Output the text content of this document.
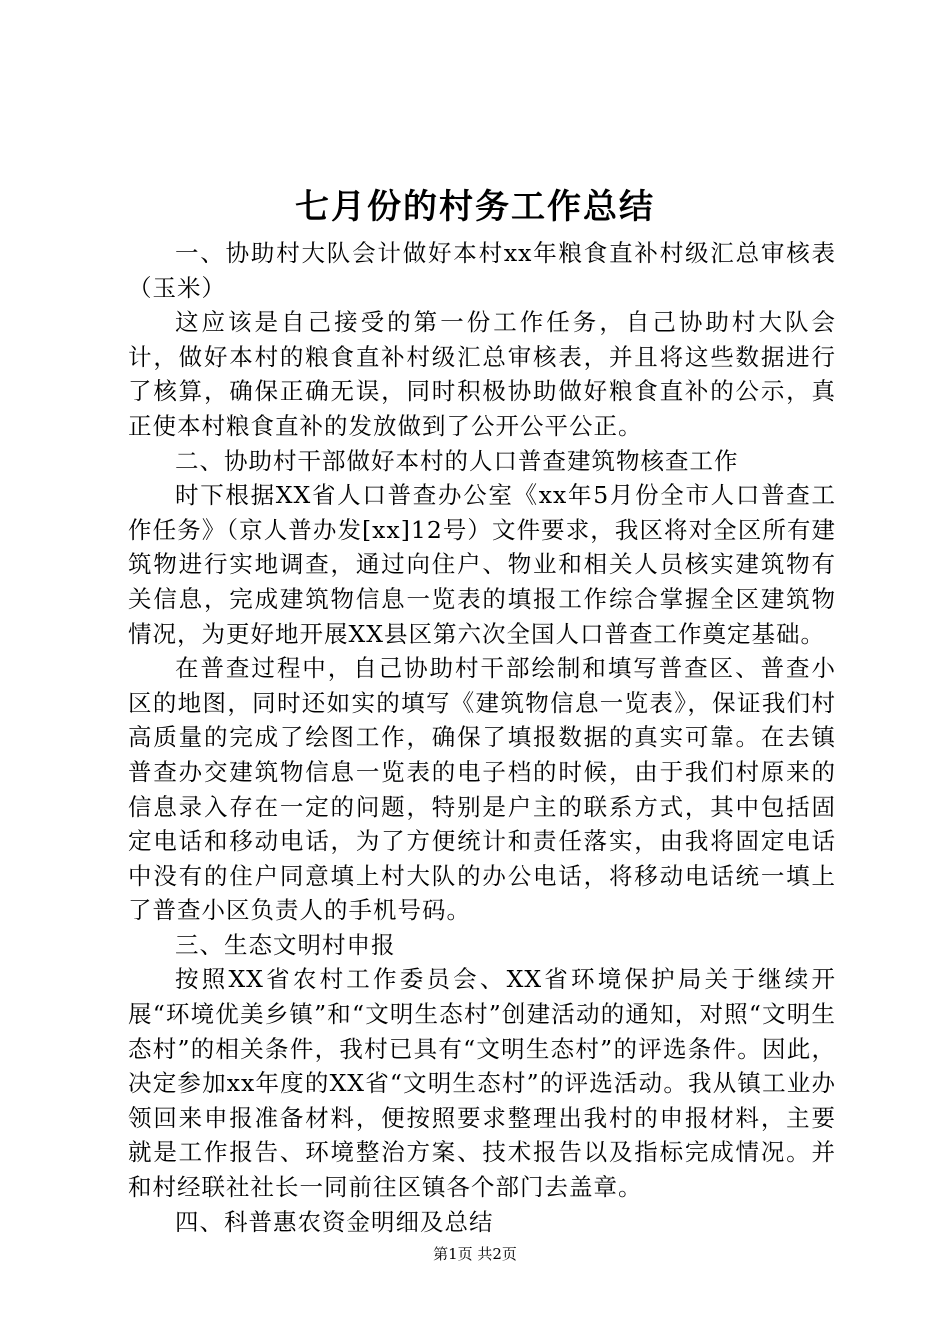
七月份的村务工作总结

一、协助村大队会计做好本村xx年粮食直补村级汇总审核表（玉米）

这应该是自己接受的第一份工作任务，自己协助村大队会计，做好本村的粮食直补村级汇总审核表，并且将这些数据进行了核算，确保正确无误，同时积极协助做好粮食直补的公示，真正使本村粮食直补的发放做到了公开公平公正。

二、协助村干部做好本村的人口普查建筑物核查工作

时下根据XX省人口普查办公室《xx年5月份全市人口普查工作任务》（京人普办发[xx]12号）文件要求，我区将对全区所有建筑物进行实地调查，通过向住户、物业和相关人员核实建筑物有关信息，完成建筑物信息一览表的填报工作综合掌握全区建筑物情况，为更好地开展XX县区第六次全国人口普查工作奠定基础。

在普查过程中，自己协助村干部绘制和填写普查区、普查小区的地图，同时还如实的填写《建筑物信息一览表》，保证我们村高质量的完成了绘图工作，确保了填报数据的真实可靠。在去镇普查办交建筑物信息一览表的电子档的时候，由于我们村原来的信息录入存在一定的问题，特别是户主的联系方式，其中包括固定电话和移动电话，为了方便统计和责任落实，由我将固定电话中没有的住户同意填上村大队的办公电话，将移动电话统一填上了普查小区负责人的手机号码。

三、生态文明村申报

按照XX省农村工作委员会、XX省环境保护局关于继续开展“环境优美乡镇”和“文明生态村”创建活动的通知，对照“文明生态村”的相关条件，我村已具有“文明生态村”的评选条件。因此，决定参加xx年度的XX省“文明生态村”的评选活动。我从镇工业办领回来申报准备材料，便按照要求整理出我村的申报材料，主要就是工作报告、环境整治方案、技术报告以及指标完成情况。并和村经联社社长一同前往区镇各个部门去盖章。

四、科普惠农资金明细及总结

第1页 共2页
